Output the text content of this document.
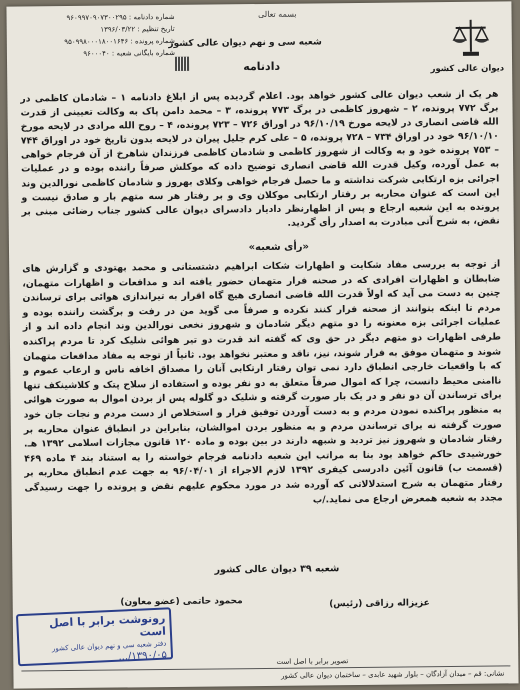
دیوان عالی کشور
بسمه تعالی
شعبه سی و نهم دیوان عالی کشور
دادنامه
شماره دادنامه : ۹۶۰۹۹۷۰۹۰۷۳۰۰۲۹۵
تاریخ تنظیم : ۱۳۹۶/۰۳/۲۲
شماره پرونده : ۹۵۰۹۹۸۰۰۰۱۸۰۰۱۶۴۶
شماره بایگانی شعبه : ۹۶۰۰۰۴۰

هر یک از شعب دیوان عالی کشور خواهد بود. اعلام گردیده پس از ابلاغ دادنامه ۱ – شادمان کاظمی در برگ ۷۷۲ پرونده، ۲ – شهروز کاظمی در برگ ۷۷۳ پرونده، ۳ – محمد دامن پاک به وکالت تعیینی از قدرت الله قاضی انصاری در لایحه مورخ ۹۶/۱۰/۱۹ در اوراق ۷۲۶ – ۷۲۳ پرونده، ۴ – روح الله مرادی در لایحه مورخ ۹۶/۱۰/۱۰ خود در اوراق ۷۳۴ – ۷۲۸ پرونده، ۵ – علی کرم جلیل پیران در لایحه بدون تاریخ خود در اوراق ۷۴۴ – ۷۵۳ پرونده خود و به وکالت از شهروز کاظمی و شادمان کاظمی فرزندان شاهرخ از آن فرجام خواهی به عمل آورده، وکیل قدرت الله قاضی انصاری توضیح داده که موکلش صرفاً راننده بوده و در عملیات اجرائی بزه ارتکابی شرکت نداشته و ما حصل فرجام خواهی وکلای بهروز و شادمان کاظمی نورالدین وند این است که عنوان محاربه بر رفتار ارتکابی موکلان وی و بر رفتار هر سه متهم بار و صادق نیست و پرونده به این شعبه ارجاع و پس از اظهارنظر دادیار دادسرای دیوان عالی کشور جناب رضائی مبنی بر نقض، به شرح آتی مبادرت به اصدار رأی گردید.

«رأی شعبه»

از توجه به بررسی مفاد شکایت و اظهارات شکات ابراهیم دشتستانی و محمد بهتودی و گزارش های ضابطان و اظهارات افرادی که در صحنه فرار متهمان حضور یافته اند و مدافعات و اظهارات متهمان، چنین به دست می آید که اولاً قدرت الله قاضی انصاری هیچ گاه اقرار به تیراندازی هوائی برای ترساندن مردم تا اینکه بتوانند از صحنه فرار کنند نکرده و صرفاً می گوید من در رفت و برگشت راننده بوده و عملیات اجرائی بزه معنونه را دو متهم دیگر شادمان و شهروز نخعی نورالدین وند انجام داده اند و از طرفی اظهارات دو متهم دیگر در حق وی که گفته اند قدرت دو تیر هوائی شلیک کرد تا مردم پراکنده شوند و متهمان موفق به فرار شوند، نیز، ناقد و معتبر نخواهد بود. ثانیاً از توجه به مفاد مدافعات متهمان که با واقعیات خارجی انطباق دارد نمی توان رفتار ارتکابی آنان را مصداق اخافه ناس و ارعاب عموم و ناامنی محیط دانست، چرا که اموال صرفاً متعلق به دو نفر بوده و استفاده از سلاح پتک و کلاشینکف تنها برای ترساندن آن دو نفر و در یک بار صورت گرفته و شلیک دو گلوله پس از بردن اموال به صورت هوائی به منظور پراکنده نمودن مردم و به دست آوردن توفیق فرار و استخلاص از دست مردم و نجات جان خود صورت گرفته نه برای ترساندن مردم و به منظور بردن اموالشان، بنابراین در انطباق عنوان محاربه بر رفتار شادمان و شهروز نیز تردید و شبهه دارند در بین بوده و ماده ۱۲۰ قانون مجازات اسلامی ۱۳۹۲ هـ. خورشیدی حاکم خواهد بود بنا به مراتب این شعبه دادنامه فرجام خواسته را به استناد بند ۴ ماده ۴۶۹ (قسمت ب) قانون آئین دادرسی کیفری ۱۳۹۲ لازم الاجراء از ۹۶/۰۴/۰۱ به جهت عدم انطباق محاربه بر رفتار متهمان به شرح استدلالاتی که آورده شد در مورد محکوم علیهم نقض و پرونده را جهت رسیدگی مجدد به شعبه همعرض ارجاع می نماید./ب

شعبه ۳۹ دیوان عالی کشور
عزیزاله رزاقی (رئیس)
محمود حاتمی (عضو معاون)
رونوشت برابر با اصل است
دفتر شعبه سی و نهم دیوان عالی کشور
۱۳۹۰/۰۵/...	تصویر برابر با اصل است
نشانی: قم – میدان آزادگان – بلوار شهید عابدی – ساختمان دیوان عالی کشور
